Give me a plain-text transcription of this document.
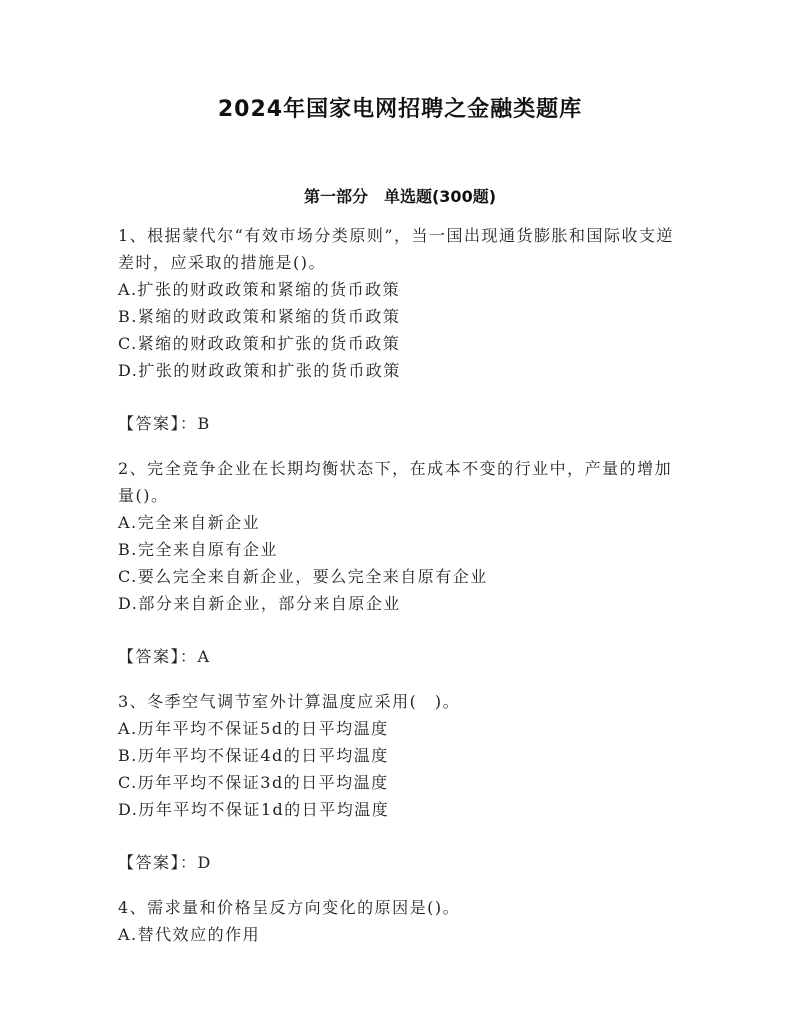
2024年国家电网招聘之金融类题库
第一部分　单选题(300题)

1、根据蒙代尔“有效市场分类原则”，当一国出现通货膨胀和国际收支逆差时，应采取的措施是()。

A.扩张的财政政策和紧缩的货币政策

B.紧缩的财政政策和紧缩的货币政策

C.紧缩的财政政策和扩张的货币政策

D.扩张的财政政策和扩张的货币政策

【答案】：B

2、完全竞争企业在长期均衡状态下，在成本不变的行业中，产量的增加量()。

A.完全来自新企业

B.完全来自原有企业

C.要么完全来自新企业，要么完全来自原有企业

D.部分来自新企业，部分来自原企业

【答案】：A

3、冬季空气调节室外计算温度应采用(　)。

A.历年平均不保证5d的日平均温度

B.历年平均不保证4d的日平均温度

C.历年平均不保证3d的日平均温度

D.历年平均不保证1d的日平均温度

【答案】：D

4、需求量和价格呈反方向变化的原因是()。

A.替代效应的作用
